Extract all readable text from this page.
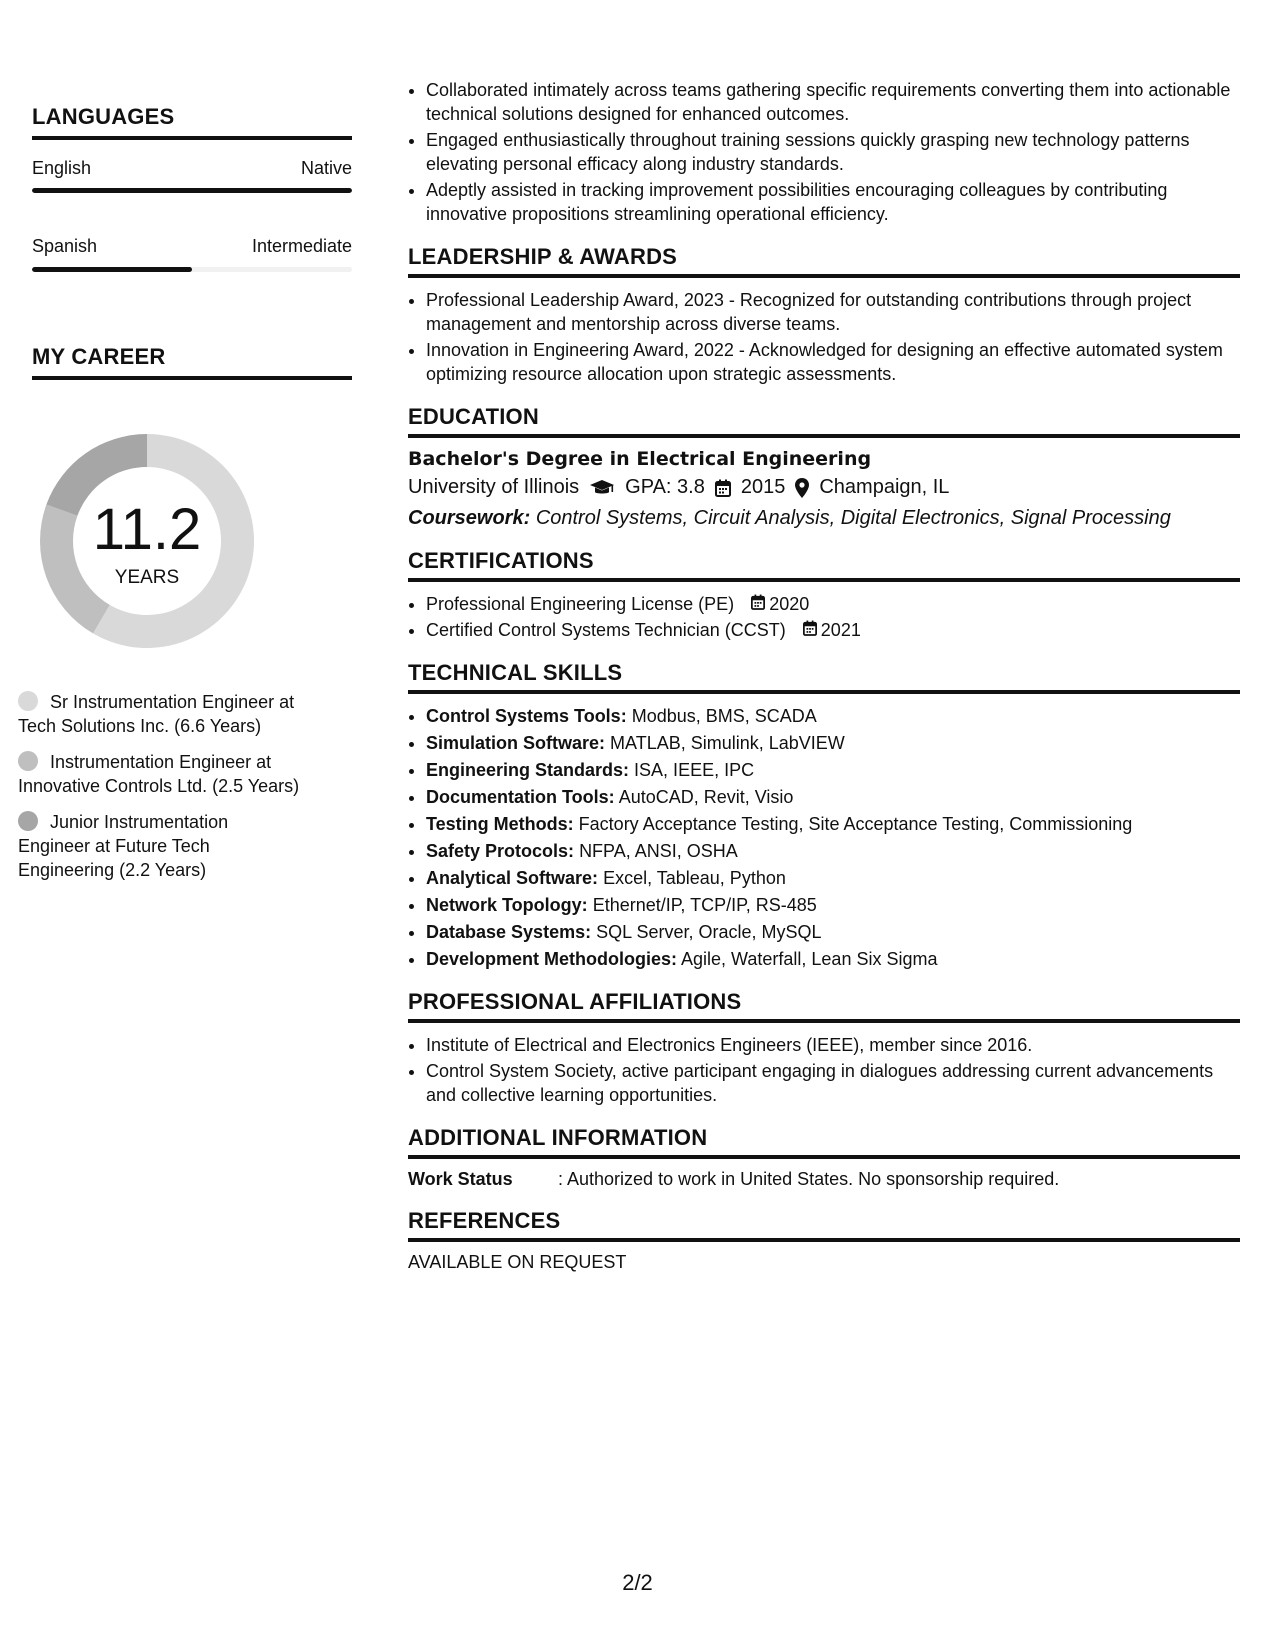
LANGUAGES
English	Native
Spanish	Intermediate
MY CAREER
11.2
YEARS
Sr Instrumentation Engineer at Tech Solutions Inc. (6.6 Years)
Instrumentation Engineer at Innovative Controls Ltd. (2.5 Years)
Junior Instrumentation Engineer at Future Tech Engineering (2.2 Years)
• Collaborated intimately across teams gathering specific requirements converting them into actionable technical solutions designed for enhanced outcomes.
• Engaged enthusiastically throughout training sessions quickly grasping new technology patterns elevating personal efficacy along industry standards.
• Adeptly assisted in tracking improvement possibilities encouraging colleagues by contributing innovative propositions streamlining operational efficiency.
LEADERSHIP & AWARDS
• Professional Leadership Award, 2023 - Recognized for outstanding contributions through project management and mentorship across diverse teams.
• Innovation in Engineering Award, 2022 - Acknowledged for designing an effective automated system optimizing resource allocation upon strategic assessments.
EDUCATION
Bachelor's Degree in Electrical Engineering
University of Illinois GPA: 3.8 2015 Champaign, IL
Coursework: Control Systems, Circuit Analysis, Digital Electronics, Signal Processing
CERTIFICATIONS
• Professional Engineering License (PE) 2020
• Certified Control Systems Technician (CCST) 2021
TECHNICAL SKILLS
• Control Systems Tools: Modbus, BMS, SCADA
• Simulation Software: MATLAB, Simulink, LabVIEW
• Engineering Standards: ISA, IEEE, IPC
• Documentation Tools: AutoCAD, Revit, Visio
• Testing Methods: Factory Acceptance Testing, Site Acceptance Testing, Commissioning
• Safety Protocols: NFPA, ANSI, OSHA
• Analytical Software: Excel, Tableau, Python
• Network Topology: Ethernet/IP, TCP/IP, RS-485
• Database Systems: SQL Server, Oracle, MySQL
• Development Methodologies: Agile, Waterfall, Lean Six Sigma
PROFESSIONAL AFFILIATIONS
• Institute of Electrical and Electronics Engineers (IEEE), member since 2016.
• Control System Society, active participant engaging in dialogues addressing current advancements and collective learning opportunities.
ADDITIONAL INFORMATION
Work Status	: Authorized to work in United States. No sponsorship required.
REFERENCES
AVAILABLE ON REQUEST
2/2
